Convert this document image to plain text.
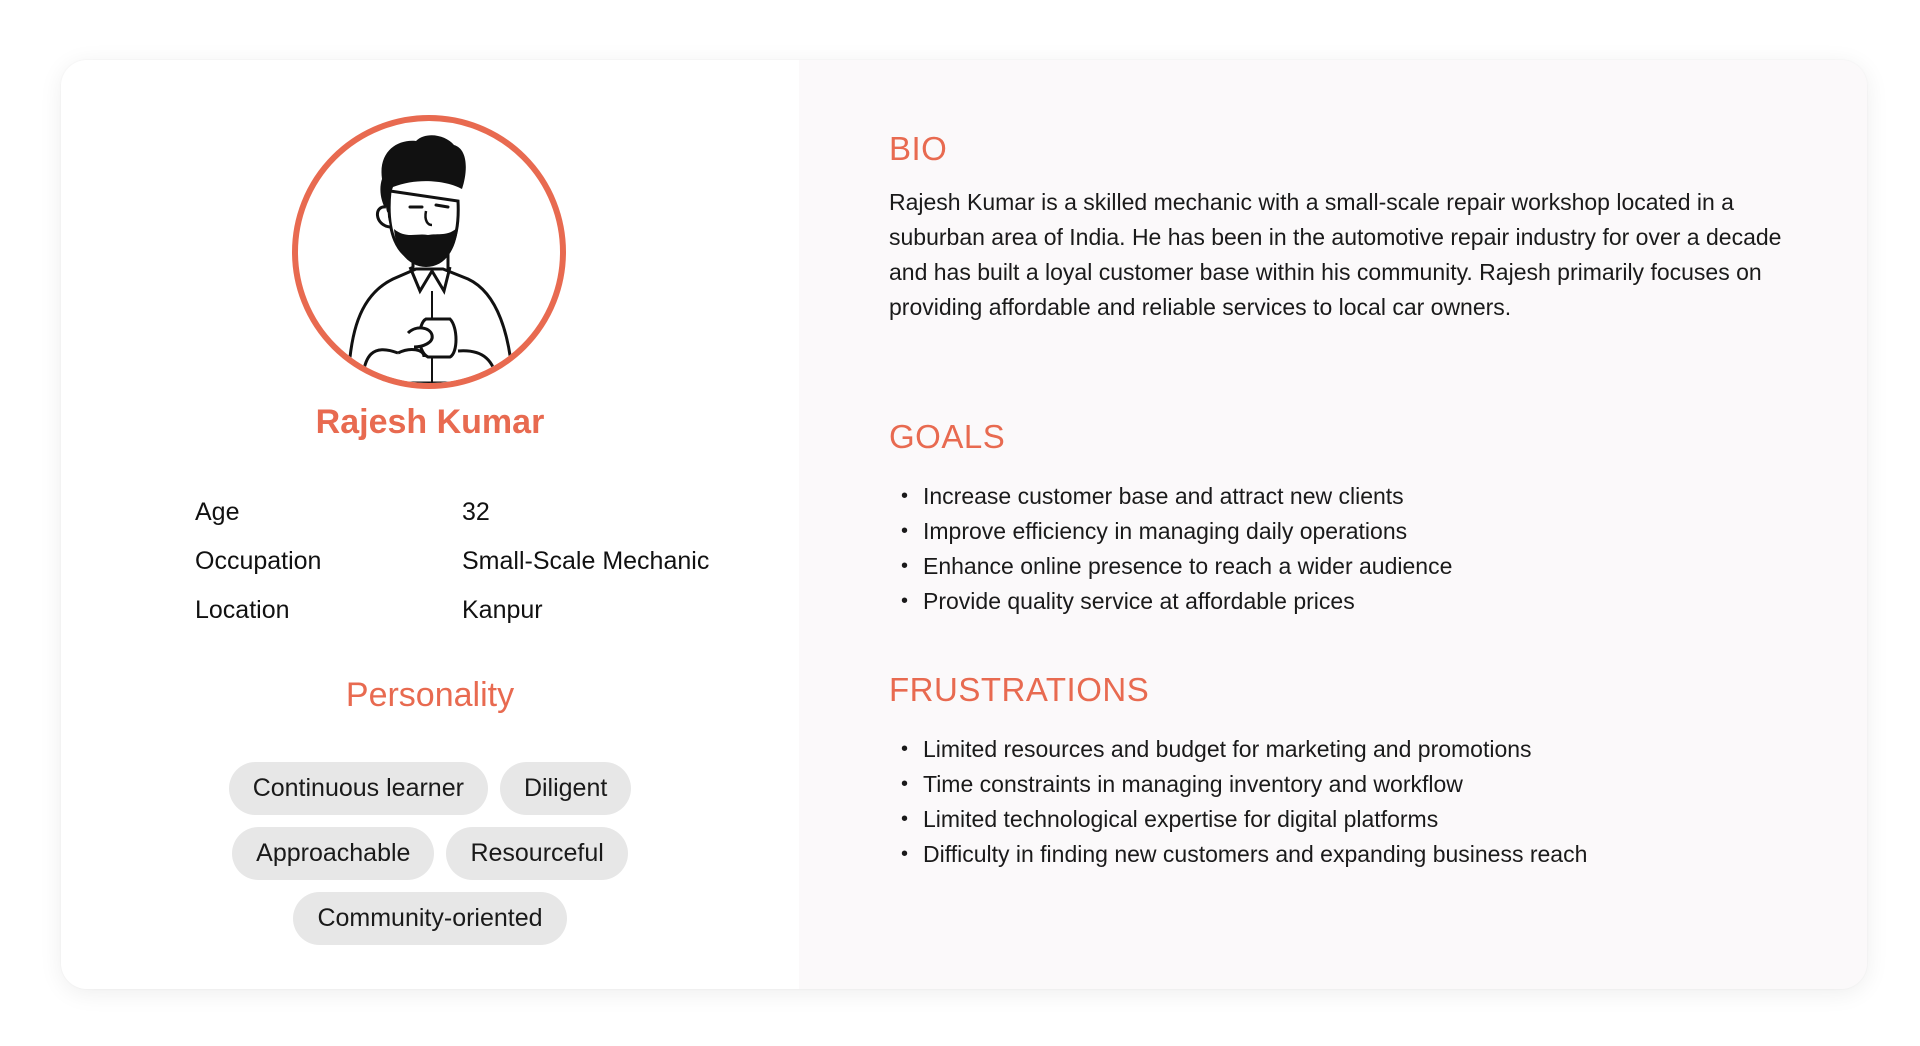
Rajesh Kumar
Age	32
Occupation	Small-Scale Mechanic
Location	Kanpur
Personality
Continuous learner	Diligent
Approachable	Resourceful
Community-oriented
BIO
Rajesh Kumar is a skilled mechanic with a small-scale repair workshop located in a suburban area of India. He has been in the automotive repair industry for over a decade and has built a loyal customer base within his community. Rajesh primarily focuses on providing affordable and reliable services to local car owners.
GOALS
• Increase customer base and attract new clients
• Improve efficiency in managing daily operations
• Enhance online presence to reach a wider audience
• Provide quality service at affordable prices
FRUSTRATIONS
• Limited resources and budget for marketing and promotions
• Time constraints in managing inventory and workflow
• Limited technological expertise for digital platforms
• Difficulty in finding new customers and expanding business reach
